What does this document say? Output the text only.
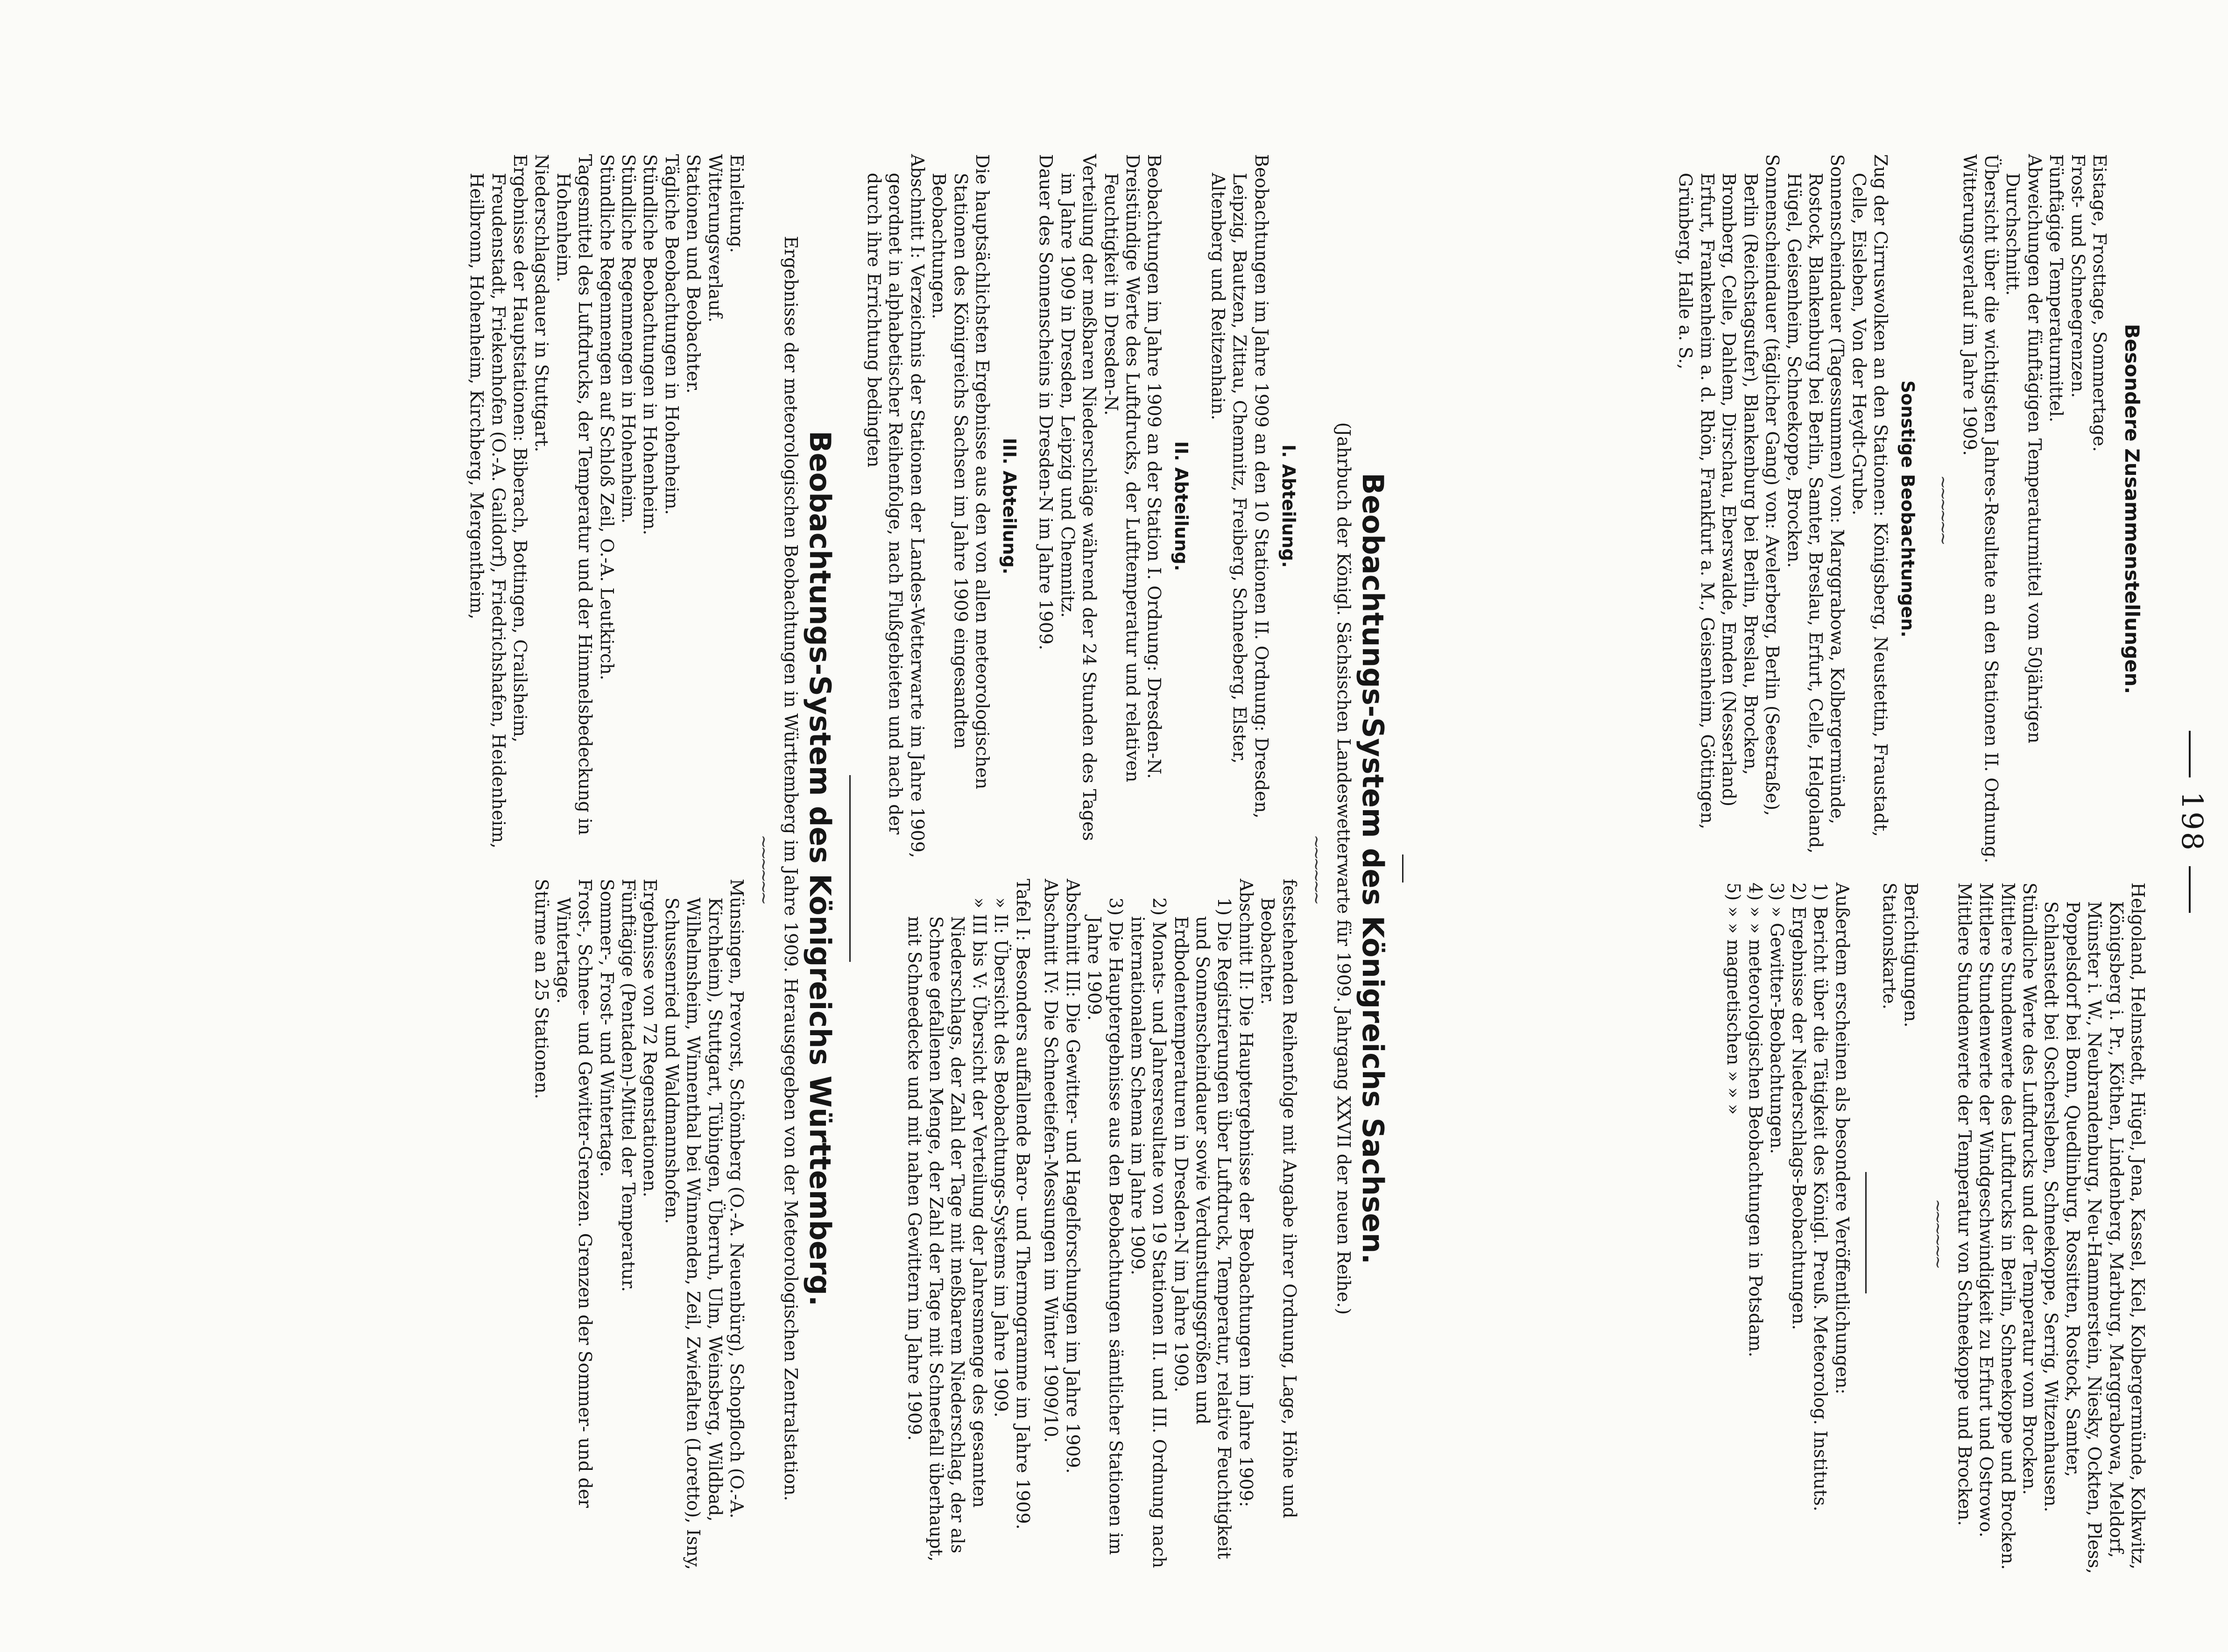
198
Besondere Zusammenstellungen.

Eistage, Frosttage, Sommertage.

Frost- und Schneegrenzen.

Fünftägige Temperaturmittel.

Abweichungen der fünftägigen Temperaturmittel vom 50jährigen Durchschnitt.

Übersicht über die wichtigsten Jahres-Resultate an den Stationen II. Ordnung.

Witterungsverlauf im Jahre 1909.

~~~~~~
Sonstige Beobachtungen.

Zug der Cirruswolken an den Stationen: Königsberg, Neustettin, Fraustadt, Celle, Eisleben, Von der Heydt-Grube.

Sonnenscheindauer (Tagessummen) von: Marggrabowa, Kolbergermünde, Rostock, Blankenburg bei Berlin, Samter, Breslau, Erfurt, Celle, Helgoland, Hügel, Geisenheim, Schneekoppe, Brocken.

Sonnenscheindauer (täglicher Gang) von: Avelerberg, Berlin (Seestraße), Berlin (Reichstagsufer), Blankenburg bei Berlin, Breslau, Brocken, Bromberg, Celle, Dahlem, Dirschau, Eberswalde, Emden (Nesserland) Erfurt, Frankenheim a. d. Rhön, Frankfurt a. M., Geisenheim, Göttingen, Grünberg, Halle a. S.,

Helgoland, Helmstedt, Hügel, Jena, Kassel, Kiel, Kolbergermünde, Kolkwitz, Königsberg i. Pr., Köthen, Lindenberg, Marburg, Marggrabowa, Meldorf, Münster i. W., Neubrandenburg, Neu-Hammerstein, Niesky, Ockten, Pless, Poppelsdorf bei Bonn, Quedlinburg, Rossitten, Rostock, Samter, Schlanstedt bei Oschersleben, Schneekoppe, Serrig, Witzenhausen.

Stündliche Werte des Luftdrucks und der Temperatur vom Brocken.

Mittlere Stundenwerte des Luftdrucks in Berlin, Schneekoppe und Brocken.

Mittlere Stundenwerte der Windgeschwindigkeit zu Erfurt und Ostrowo.

Mittlere Stundenwerte der Temperatur von Schneekoppe und Brocken.

~~~~~~

Berichtigungen.

Stationskarte.

Außerdem erscheinen als besondere Veröffentlichungen:

1) Bericht über die Tätigkeit des Königl. Preuß. Meteorolog. Instituts.

2) Ergebnisse der Niederschlags-Beobachtungen.

3) » Gewitter-Beobachtungen.

4) » » meteorologischen Beobachtungen in Potsdam.

5) » » magnetischen » » »

Beobachtungs-System des Königreichs Sachsen.
(Jahrbuch der Königl. Sächsischen Landeswetterwarte für 1909. Jahrgang XXVII der neuen Reihe.)
~~~~~~
I. Abteilung.

Beobachtungen im Jahre 1909 an den 10 Stationen II. Ordnung: Dresden, Leipzig, Bautzen, Zittau, Chemnitz, Freiberg, Schneeberg, Elster, Altenberg und Reitzenhain.

II. Abteilung.

Beobachtungen im Jahre 1909 an der Station I. Ordnung: Dresden-N.

Dreistündige Werte des Luftdrucks, der Lufttemperatur und relativen Feuchtigkeit in Dresden-N.

Verteilung der meßbaren Niederschläge während der 24 Stunden des Tages im Jahre 1909 in Dresden, Leipzig und Chemnitz.

Dauer des Sonnenscheins in Dresden-N im Jahre 1909.

III. Abteilung.

Die hauptsächlichsten Ergebnisse aus den von allen meteorologischen Stationen des Königreichs Sachsen im Jahre 1909 eingesandten Beobachtungen.

Abschnitt I: Verzeichnis der Stationen der Landes-Wetterwarte im Jahre 1909, geordnet in alphabetischer Reihenfolge, nach Flußgebieten und nach der durch ihre Errichtung bedingten

feststehenden Reihenfolge mit Angabe ihrer Ordnung, Lage, Höhe und Beobachter.

Abschnitt II: Die Hauptergebnisse der Beobachtungen im Jahre 1909:

1) Die Registrierungen über Luftdruck, Temperatur, relative Feuchtigkeit und Sonnenscheindauer sowie Verdunstungsgrößen und Erdbodentemperaturen in Dresden-N im Jahre 1909.

2) Monats- und Jahresresultate von 19 Stationen II. und III. Ordnung nach internationalem Schema im Jahre 1909.

3) Die Hauptergebnisse aus den Beobachtungen sämtlicher Stationen im Jahre 1909.

Abschnitt III: Die Gewitter- und Hagelforschungen im Jahre 1909.

Abschnitt IV: Die Schneetiefen-Messungen im Winter 1909/10.

Tafel I: Besonders auffallende Baro- und Thermogramme im Jahre 1909.

» II: Übersicht des Beobachtungs-Systems im Jahre 1909.

» III bis V: Übersicht der Verteilung der Jahresmenge des gesamten Niederschlags, der Zahl der Tage mit meßbarem Niederschlag, der als Schnee gefallenen Menge, der Zahl der Tage mit Schneefall überhaupt, mit Schneedecke und mit nahen Gewittern im Jahre 1909.

Beobachtungs-System des Königreichs Württemberg.
Ergebnisse der meteorologischen Beobachtungen in Württemberg im Jahre 1909. Herausgegeben von der Meteorologischen Zentralstation.
~~~~~~

Einleitung.

Witterungsverlauf.

Stationen und Beobachter.

Tägliche Beobachtungen in Hohenheim.

Stündliche Beobachtungen in Hohenheim.

Stündliche Regenmengen in Hohenheim.

Stündliche Regenmengen auf Schloß Zeil, O.-A. Leutkirch.

Tagesmittel des Luftdrucks, der Temperatur und der Himmelsbedeckung in Hohenheim.

Niederschlagsdauer in Stuttgart.

Ergebnisse der Hauptstationen: Biberach, Bottingen, Crailsheim, Freudenstadt, Friekenhofen (O.-A. Gaildorf), Friedrichshafen, Heidenheim, Heilbronn, Hohenheim, Kirchberg, Mergentheim,

Münsingen, Prevorst, Schömberg (O.-A. Neuenbürg), Schopfloch (O.-A. Kirchheim), Stuttgart, Tübingen, Überruh, Ulm, Weinsberg, Wildbad, Wilhelmsheim, Winnenthal bei Winnenden, Zeil, Zwiefalten (Loretto), Isny, Schussenried und Waldmannshofen.

Ergebnisse von 72 Regenstationen.

Fünftägige (Pentaden)-Mittel der Temperatur.

Sommer-, Frost- und Wintertage.

Frost-, Schnee- und Gewitter-Grenzen. Grenzen der Sommer- und der Wintertage.

Stürme an 25 Stationen.
